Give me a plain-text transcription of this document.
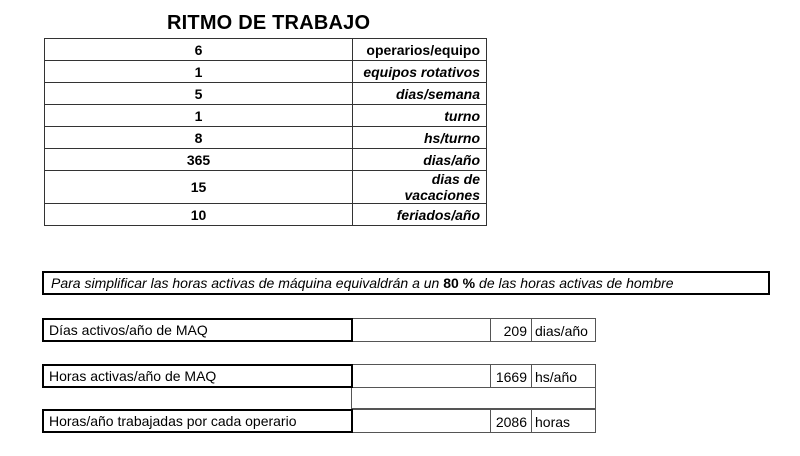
RITMO DE TRABAJO
6	operarios/equipo
1	equipos rotativos
5	dias/semana
1	turno
8	hs/turno
365	dias/año
15	dias de vacaciones
10	feriados/año
Para simplificar las horas activas de máquina equivaldrán a un 80 % de las horas activas de hombre
Días activos/año de MAQ	209 dias/año
Horas activas/año de MAQ	1669 hs/año
Horas/año trabajadas por cada operario	2086 horas
